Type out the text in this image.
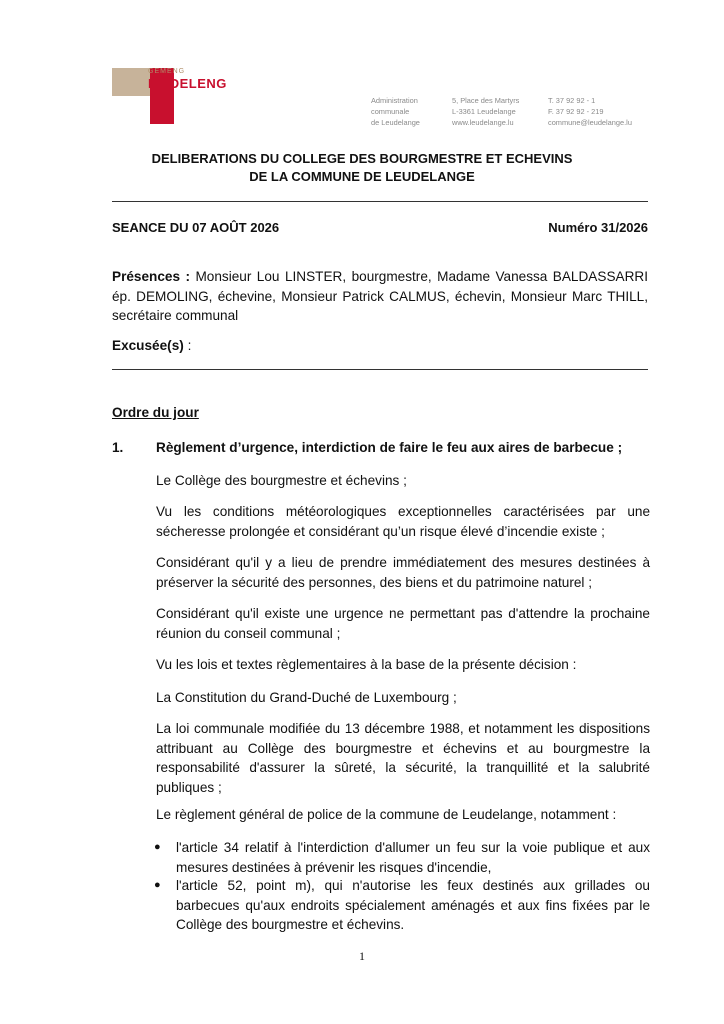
GEMENG
LEIDELENG
Administration
communale
de Leudelange
5, Place des Martyrs
L-3361 Leudelange
www.leudelange.lu
T. 37 92 92 - 1
F. 37 92 92 - 219
commune@leudelange.lu
DELIBERATIONS DU COLLEGE DES BOURGMESTRE ET ECHEVINS
DE LA COMMUNE DE LEUDELANGE
SEANCE DU 07 AOÛT 2026	Numéro 31/2026
Présences : Monsieur Lou LINSTER, bourgmestre, Madame Vanessa BALDASSARRI ép. DEMOLING, échevine, Monsieur Patrick CALMUS, échevin, Monsieur Marc THILL, secrétaire communal
Excusée(s) :
Ordre du jour
1. Règlement d’urgence, interdiction de faire le feu aux aires de barbecue ;
Le Collège des bourgmestre et échevins ;
Vu les conditions météorologiques exceptionnelles caractérisées par une sécheresse prolongée et considérant qu’un risque élevé d’incendie existe ;
Considérant qu'il y a lieu de prendre immédiatement des mesures destinées à préserver la sécurité des personnes, des biens et du patrimoine naturel ;
Considérant qu'il existe une urgence ne permettant pas d'attendre la prochaine réunion du conseil communal ;
Vu les lois et textes règlementaires à la base de la présente décision :
La Constitution du Grand-Duché de Luxembourg ;
La loi communale modifiée du 13 décembre 1988, et notamment les dispositions attribuant au Collège des bourgmestre et échevins et au bourgmestre la responsabilité d'assurer la sûreté, la sécurité, la tranquillité et la salubrité publiques ;
Le règlement général de police de la commune de Leudelange, notamment :
● l'article 34 relatif à l'interdiction d'allumer un feu sur la voie publique et aux mesures destinées à prévenir les risques d'incendie,
● l'article 52, point m), qui n'autorise les feux destinés aux grillades ou barbecues qu'aux endroits spécialement aménagés et aux fins fixées par le Collège des bourgmestre et échevins.
1
